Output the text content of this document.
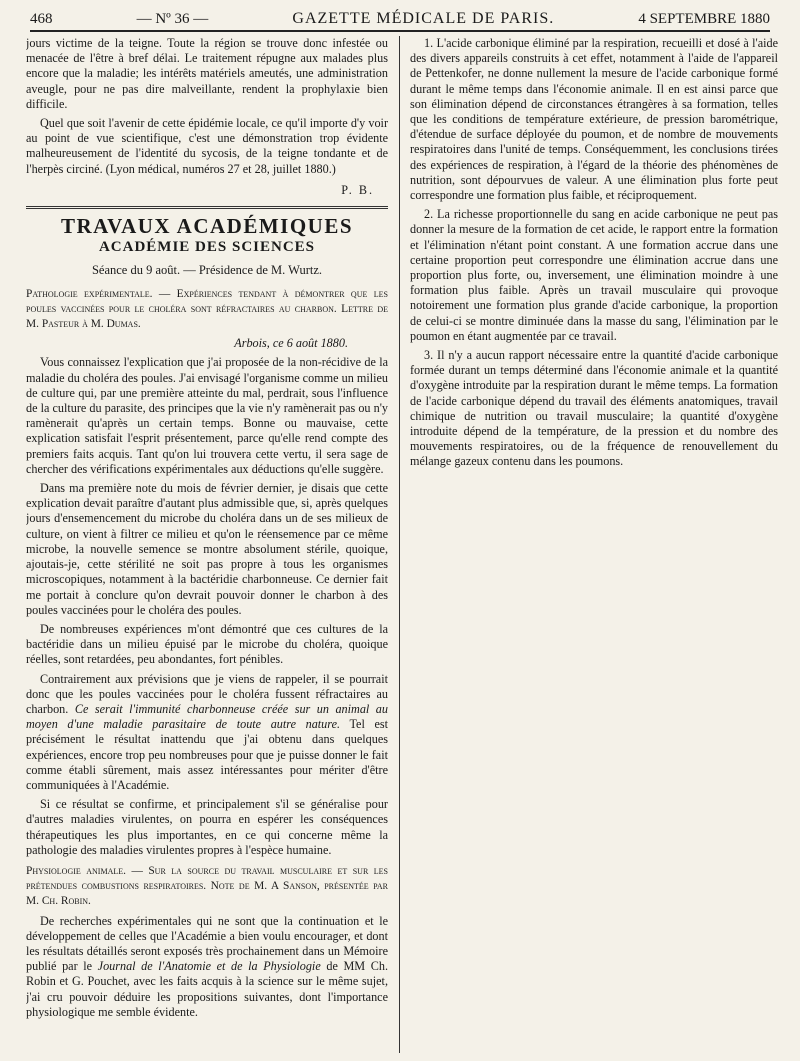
468	— Nº 36 —	GAZETTE MÉDICALE DE PARIS.	4 SEPTEMBRE 1880

jours victime de la teigne. Toute la région se trouve donc infestée ou menacée de l'être à bref délai. Le traitement répugne aux malades plus encore que la maladie; les intérêts matériels ameutés, une administration aveugle, pour ne pas dire malveillante, rendent la prophylaxie bien difficile.

Quel que soit l'avenir de cette épidémie locale, ce qu'il importe d'y voir au point de vue scientifique, c'est une démonstration trop évidente malheureusement de l'identité du sycosis, de la teigne tondante et de l'herpès circiné. (Lyon médical, numéros 27 et 28, juillet 1880.)

P. B.
TRAVAUX ACADÉMIQUES
ACADÉMIE DES SCIENCES
Séance du 9 août. — Présidence de M. Wurtz.
Pathologie expérimentale. — Expériences tendant à démontrer que les poules vaccinées pour le choléra sont réfractaires au charbon. Lettre de M. Pasteur à M. Dumas.
Arbois, ce 6 août 1880.

Vous connaissez l'explication que j'ai proposée de la non-récidive de la maladie du choléra des poules. J'ai envisagé l'organisme comme un milieu de culture qui, par une première atteinte du mal, perdrait, sous l'influence de la culture du parasite, des principes que la vie n'y ramènerait pas ou n'y ramènerait qu'après un certain temps. Bonne ou mauvaise, cette explication satisfait l'esprit présentement, parce qu'elle rend compte des premiers faits acquis. Tant qu'on lui trouvera cette vertu, il sera sage de chercher des vérifications expérimentales aux déductions qu'elle suggère.

Dans ma première note du mois de février dernier, je disais que cette explication devait paraître d'autant plus admissible que, si, après quelques jours d'ensemencement du microbe du choléra dans un de ses milieux de culture, on vient à filtrer ce milieu et qu'on le réensemence par ce même microbe, la nouvelle semence se montre absolument stérile, quoique, ajoutais-je, cette stérilité ne soit pas propre à tous les organismes microscopiques, notamment à la bactéridie charbonneuse. Ce dernier fait me portait à conclure qu'on devrait pouvoir donner le charbon à des poules vaccinées pour le choléra des poules.

De nombreuses expériences m'ont démontré que ces cultures de la bactéridie dans un milieu épuisé par le microbe du choléra, quoique réelles, sont retardées, peu abondantes, fort pénibles.

Contrairement aux prévisions que je viens de rappeler, il se pourrait donc que les poules vaccinées pour le choléra fussent réfractaires au charbon. Ce serait l'immunité charbonneuse créée sur un animal au moyen d'une maladie parasitaire de toute autre nature. Tel est précisément le résultat inattendu que j'ai obtenu dans quelques expériences, encore trop peu nombreuses pour que je puisse donner le fait comme établi sûrement, mais assez intéressantes pour mériter d'être communiquées à l'Académie.

Si ce résultat se confirme, et principalement s'il se généralise pour d'autres maladies virulentes, on pourra en espérer les conséquences thérapeutiques les plus importantes, en ce qui concerne même la pathologie des maladies virulentes propres à l'espèce humaine.

Physiologie animale. — Sur la source du travail musculaire et sur les prétendues combustions respiratoires. Note de M. A Sanson, présentée par M. Ch. Robin.

De recherches expérimentales qui ne sont que la continuation et le développement de celles que l'Académie a bien voulu encourager, et dont les résultats détaillés seront exposés très prochainement dans un Mémoire publié par le Journal de l'Anatomie et de la Physiologie de MM Ch. Robin et G. Pouchet, avec les faits acquis à la science sur le même sujet, j'ai cru pouvoir déduire les propositions suivantes, dont l'importance physiologique me semble évidente.

1. L'acide carbonique éliminé par la respiration, recueilli et dosé à l'aide des divers appareils construits à cet effet, notamment à l'aide de l'appareil de Pettenkofer, ne donne nullement la mesure de l'acide carbonique formé durant le même temps dans l'économie animale. Il en est ainsi parce que son élimination dépend de circonstances étrangères à sa formation, telles que les conditions de température extérieure, de pression barométrique, d'étendue de surface déployée du poumon, et de nombre de mouvements respiratoires dans l'unité de temps. Conséquemment, les conclusions tirées des expériences de respiration, à l'égard de la théorie des phénomènes de nutrition, sont dépourvues de valeur. A une élimination plus forte peut correspondre une formation plus faible, et réciproquement.

2. La richesse proportionnelle du sang en acide carbonique ne peut pas donner la mesure de la formation de cet acide, le rapport entre la formation et l'élimination n'étant point constant. A une formation accrue dans une certaine proportion peut correspondre une élimination accrue dans une proportion plus forte, ou, inversement, une élimination moindre à une formation plus faible. Après un travail musculaire qui provoque notoirement une formation plus grande d'acide carbonique, la proportion de celui-ci se montre diminuée dans la masse du sang, l'élimination par le poumon en étant augmentée par ce travail.

3. Il n'y a aucun rapport nécessaire entre la quantité d'acide carbonique formée durant un temps déterminé dans l'économie animale et la quantité d'oxygène introduite par la respiration durant le même temps. La formation de l'acide carbonique dépend du travail des éléments anatomiques, travail chimique de nutrition ou travail musculaire; la quantité d'oxygène introduite dépend de la température, de la pression et du nombre des mouvements respiratoires, ou de la fréquence de renouvellement du mélange gazeux contenu dans les poumons.
